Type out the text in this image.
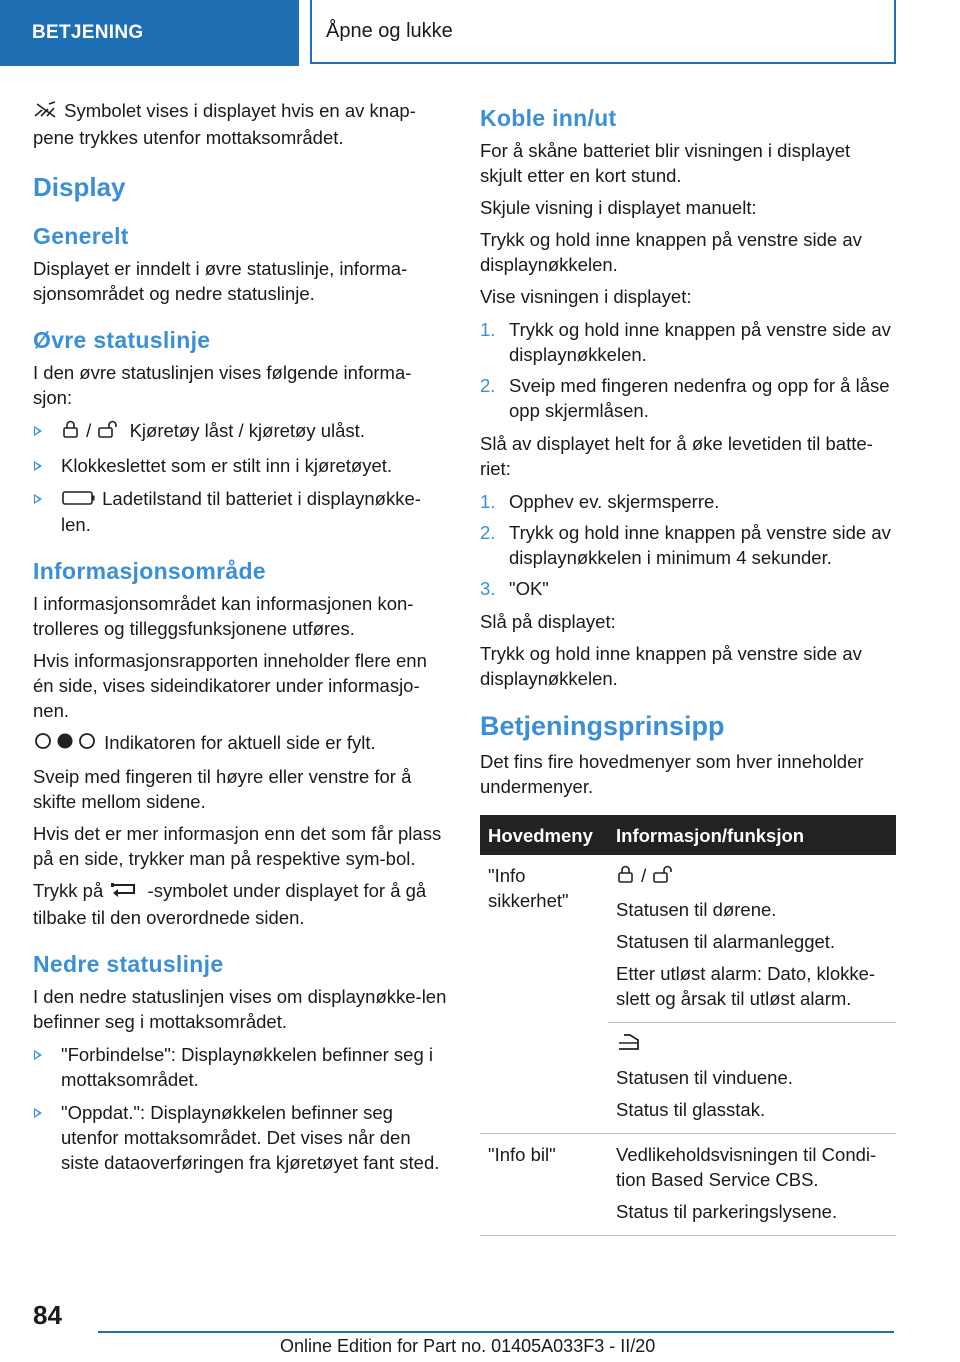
BETJENING	Åpne og lukke

Symbolet vises i displayet hvis en av knap-pene trykkes utenfor mottaksområdet.

Display
Generelt

Displayet er inndelt i øvre statuslinje, informa-sjonsområdet og nedre statuslinje.

Øvre statuslinje

I den øvre statuslinjen vises følgende informa-sjon:

/ Kjøretøy låst / kjøretøy ulåst.
Klokkeslettet som er stilt inn i kjøretøyet.
Ladetilstand til batteriet i displaynøkke-len.
Informasjonsområde

I informasjonsområdet kan informasjonen kon-trolleres og tilleggsfunksjonene utføres.

Hvis informasjonsrapporten inneholder flere enn én side, vises sideindikatorer under informasjo-nen.

Indikatoren for aktuell side er fylt.

Sveip med fingeren til høyre eller venstre for å skifte mellom sidene.

Hvis det er mer informasjon enn det som får plass på en side, trykker man på respektive sym-bol.

Trykk på -symbolet under displayet for å gå tilbake til den overordnede siden.

Nedre statuslinje

I den nedre statuslinjen vises om displaynøkke-len befinner seg i mottaksområdet.

"Forbindelse": Displaynøkkelen befinner seg i mottaksområdet.
"Oppdat.": Displaynøkkelen befinner seg utenfor mottaksområdet. Det vises når den siste dataoverføringen fra kjøretøyet fant sted.
Koble inn/ut

For å skåne batteriet blir visningen i displayet skjult etter en kort stund.

Skjule visning i displayet manuelt:

Trykk og hold inne knappen på venstre side av displaynøkkelen.

Vise visningen i displayet:

1. Trykk og hold inne knappen på venstre side av displaynøkkelen.
2. Sveip med fingeren nedenfra og opp for å låse opp skjermlåsen.

Slå av displayet helt for å øke levetiden til batte-riet:

1. Opphev ev. skjermsperre.
2. Trykk og hold inne knappen på venstre side av displaynøkkelen i minimum 4 sekunder.
3. "OK"

Slå på displayet:

Trykk og hold inne knappen på venstre side av displaynøkkelen.

Betjeningsprinsipp

Det fins fire hovedmenyer som hver inneholder undermenyer.

Hovedmeny	Informasjon/funksjon
"Info sikkerhet"	/

Statusen til dørene.

Statusen til alarmanlegget.

Etter utløst alarm: Dato, klokke-slett og årsak til utløst alarm.

	Statusen til vinduene.

Status til glasstak.

"Info bil"	Vedlikeholdsvisningen til Condi-tion Based Service CBS.

Status til parkeringslysene.

84
Online Edition for Part no. 01405A033F3 - II/20
